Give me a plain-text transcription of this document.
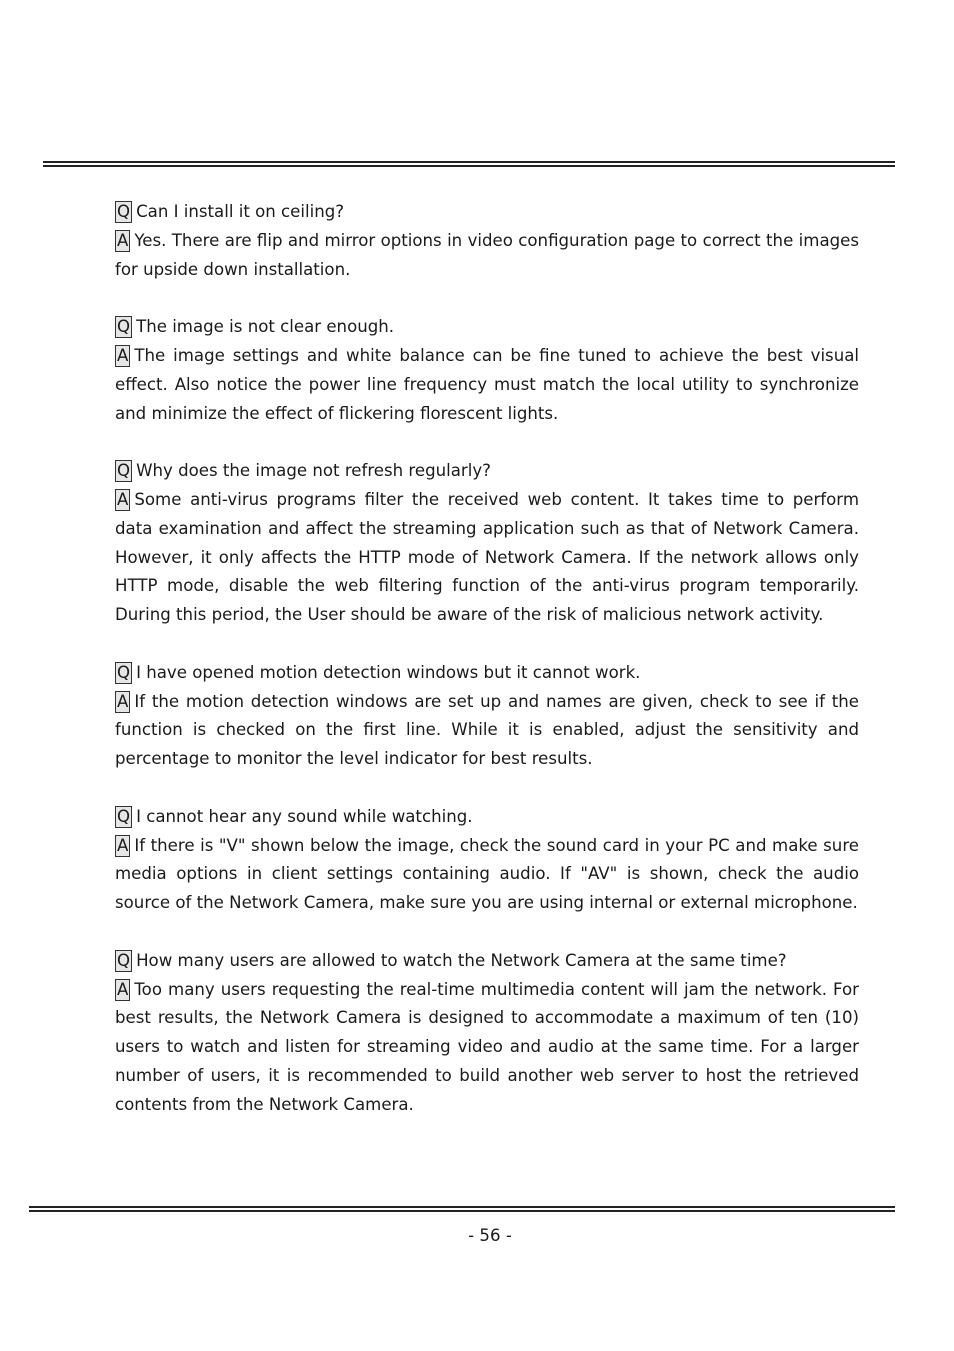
Q Can I install it on ceiling?

A Yes. There are flip and mirror options in video configuration page to correct the images for upside down installation.

Q The image is not clear enough.

A The image settings and white balance can be fine tuned to achieve the best visual effect. Also notice the power line frequency must match the local utility to synchronize and minimize the effect of flickering florescent lights.

Q Why does the image not refresh regularly?

A Some anti-virus programs filter the received web content. It takes time to perform data examination and affect the streaming application such as that of Network Camera. However, it only affects the HTTP mode of Network Camera. If the network allows only HTTP mode, disable the web filtering function of the anti-virus program temporarily. During this period, the User should be aware of the risk of malicious network activity.

Q I have opened motion detection windows but it cannot work.

A If the motion detection windows are set up and names are given, check to see if the function is checked on the first line. While it is enabled, adjust the sensitivity and percentage to monitor the level indicator for best results.

Q I cannot hear any sound while watching.

A If there is "V" shown below the image, check the sound card in your PC and make sure media options in client settings containing audio. If "AV" is shown, check the audio source of the Network Camera, make sure you are using internal or external microphone.

Q How many users are allowed to watch the Network Camera at the same time?

A Too many users requesting the real-time multimedia content will jam the network. For best results, the Network Camera is designed to accommodate a maximum of ten (10) users to watch and listen for streaming video and audio at the same time. For a larger number of users, it is recommended to build another web server to host the retrieved contents from the Network Camera.

- 56 -
